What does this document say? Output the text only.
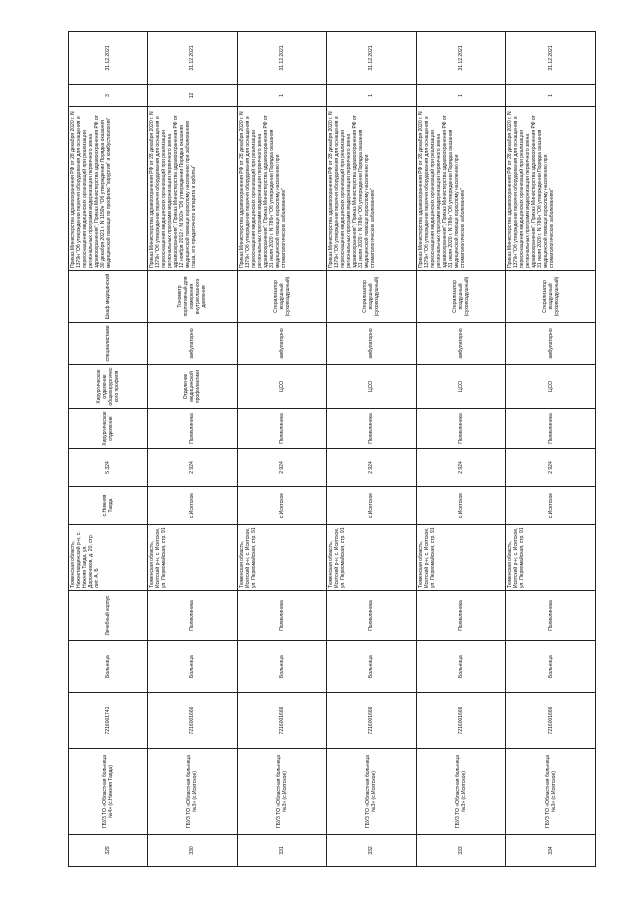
329	ГБУЗ ТО «Областная больница №4» (с.Нижняя Тавда)	7216001741	Больница	Лечебный корпус	Тюменская область, Нижнетавдинский р-н, с. Нижняя Тавда, ул. Дорожников, д. 20, стр. лит. А, Б	с.Нижняя Тавда	5 324	Хирургическое отделение	Хирургическое отделение общехирургического профиля	специалистами	Шкаф медицинский	Приказ Министерства здравоохранения РФ от 28 декабря 2020 г. N 1379н "Об утверждении перечня оборудования для оснащения и переоснащения медицинских организаций при реализации региональных программ модернизации первичного звена здравоохранения"; Приказ Министерства здравоохранения РФ от 30 декабря 2021 г. N 1159н "Об утверждении Порядка оказания медицинской помощи по профилю "хирургия" и комбустиология"	3	31.12.2021
330	ГБУЗ ТО «Областная больница №3» (с.Исетское)	7216001666	Больница	Поликлиника	Тюменская область, Исетский р-н, с. Исетское, ул. Первомайская, стр. 91	с.Исетское	2 924	Поликлиника	Отделение медицинской профилактики	амбулаторно	Тонометр портативный для измерения внутриглазного давления	Приказ Министерства здравоохранения РФ от 28 декабря 2020 г. N 1379н "Об утверждении перечня оборудования для оснащения и переоснащения медицинских организаций при реализации региональных программ модернизации первичного звена здравоохранения"; Приказ Министерства здравоохранения РФ от 12 ноября 2012 г. N 902н "Об утверждении Порядка оказания медицинской помощи взрослому населению при заболеваниях глаза, его придаточного аппарата и орбиты"	12	31.12.2021
331	ГБУЗ ТО «Областная больница №3» (с.Исетское)	7216001666	Больница	Поликлиника	Тюменская область, Исетский р-н, с. Исетское, ул. Первомайская, стр. 91	с.Исетское	2 924	Поликлиника	ЦСО	амбулаторно	Стерилизатор воздушный (суховоздушный)	Приказ Министерства здравоохранения РФ от 28 декабря 2020 г. N 1379н "Об утверждении перечня оборудования для оснащения и переоснащения медицинских организаций при реализации региональных программ модернизации первичного звена здравоохранения"; Приказ Министерства здравоохранения РФ от 31 июля 2020 г. N 786н "Об утверждении Порядка оказания медицинской помощи взрослому населению при стоматологических заболеваниях"	1	31.12.2021
332	ГБУЗ ТО «Областная больница №3» (с.Исетское)	7216001666	Больница	Поликлиника	Тюменская область, Исетский р-н, с. Исетское, ул. Первомайская, стр. 91	с.Исетское	2 924	Поликлиника	ЦСО	амбулаторно	Стерилизатор воздушный (суховоздушный)	Приказ Министерства здравоохранения РФ от 28 декабря 2020 г. N 1379н "Об утверждении перечня оборудования для оснащения и переоснащения медицинских организаций при реализации региональных программ модернизации первичного звена здравоохранения"; Приказ Министерства здравоохранения РФ от 31 июля 2020 г. N 786н "Об утверждении Порядка оказания медицинской помощи взрослому населению при стоматологических заболеваниях"	1	31.12.2021
333	ГБУЗ ТО «Областная больница №3» (с.Исетское)	7216001666	Больница	Поликлиника	Тюменская область, Исетский р-н, с. Исетское, ул. Первомайская, стр. 91	с.Исетское	2 924	Поликлиника	ЦСО	амбулаторно	Стерилизатор воздушный (суховоздушный)	Приказ Министерства здравоохранения РФ от 28 декабря 2020 г. N 1379н "Об утверждении перечня оборудования для оснащения и переоснащения медицинских организаций при реализации региональных программ модернизации первичного звена здравоохранения"; Приказ Министерства здравоохранения РФ от 31 июля 2020 г. N 786н "Об утверждении Порядка оказания медицинской помощи взрослому населению при стоматологических заболеваниях"	1	31.12.2021
334	ГБУЗ ТО «Областная больница №3» (с.Исетское)	7216001666	Больница	Поликлиника	Тюменская область, Исетский р-н, с. Исетское, ул. Первомайская, стр. 91	с.Исетское	2 924	Поликлиника	ЦСО	амбулаторно	Стерилизатор воздушный (суховоздушный)	Приказ Министерства здравоохранения РФ от 28 декабря 2020 г. N 1379н "Об утверждении перечня оборудования для оснащения и переоснащения медицинских организаций при реализации региональных программ модернизации первичного звена здравоохранения"; Приказ Министерства здравоохранения РФ от 31 июля 2020 г. N 786н "Об утверждении Порядка оказания медицинской помощи взрослому населению при стоматологических заболеваниях"	1	31.12.2021
